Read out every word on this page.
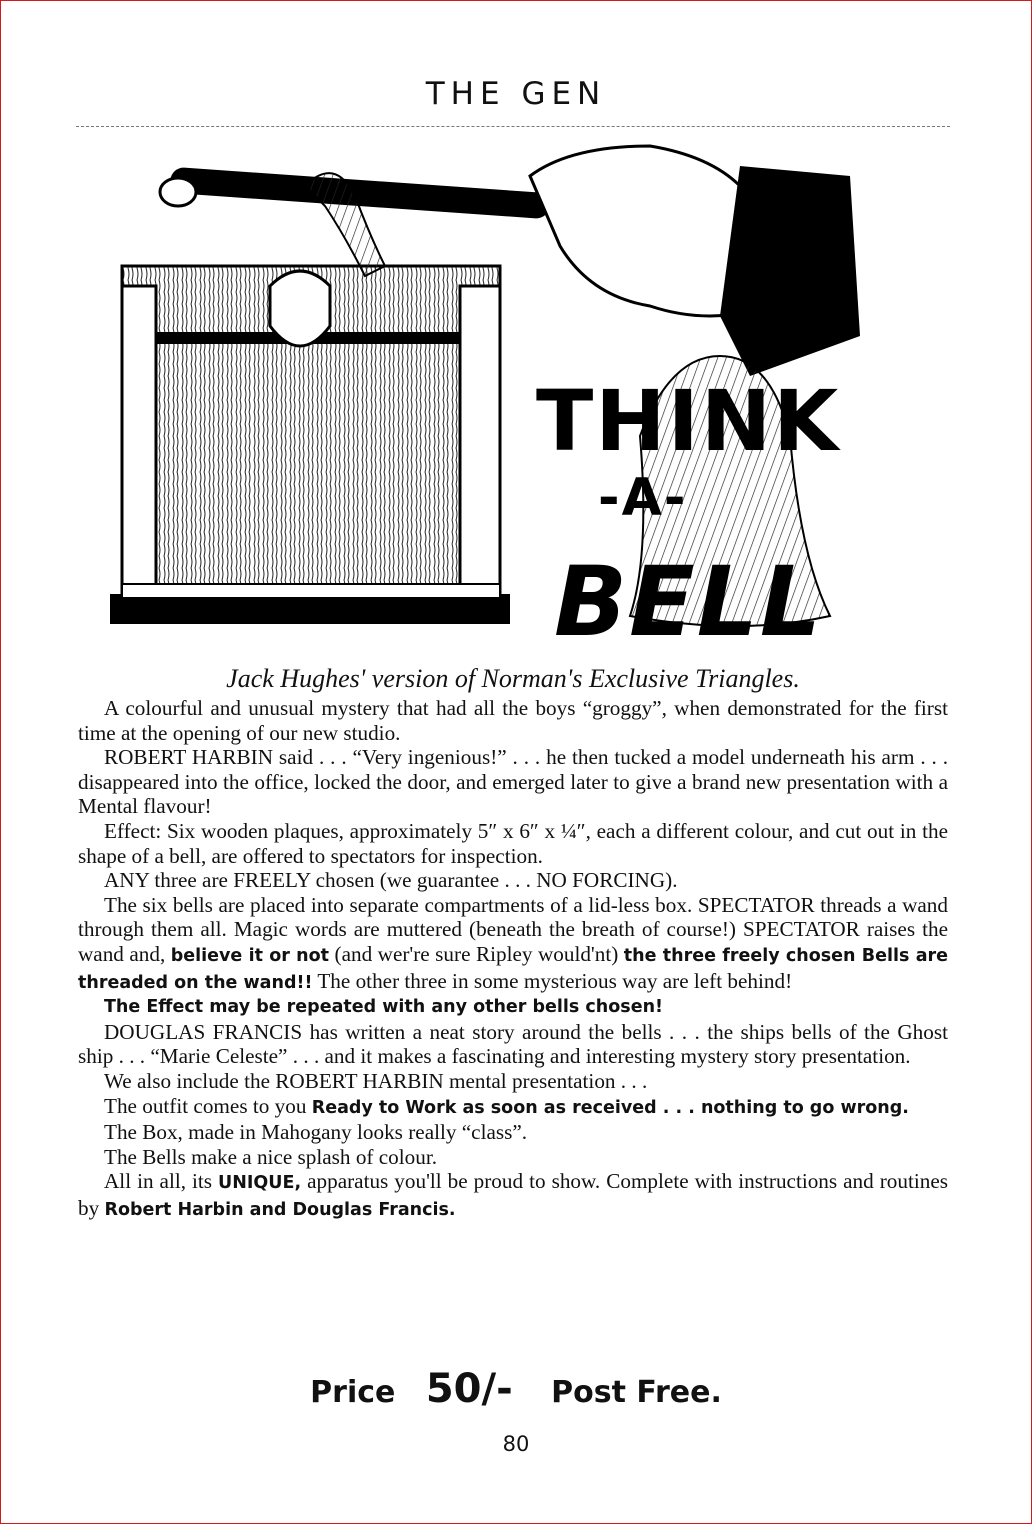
THE GEN
THINK
-A-
BELL
Jack Hughes' version of Norman's Exclusive Triangles.

A colourful and unusual mystery that had all the boys “groggy”, when demonstrated for the first time at the opening of our new studio.

ROBERT HARBIN said . . . “Very ingenious!” . . . he then tucked a model underneath his arm . . . disappeared into the office, locked the door, and emerged later to give a brand new presentation with a Mental flavour!

Effect: Six wooden plaques, approximately 5″ x 6″ x ¼″, each a different colour, and cut out in the shape of a bell, are offered to spectators for inspection.

ANY three are FREELY chosen (we guarantee . . . NO FORCING).

The six bells are placed into separate compartments of a lid-less box. SPECTATOR threads a wand through them all. Magic words are muttered (beneath the breath of course!) SPECTATOR raises the wand and, believe it or not (and wer're sure Ripley would'nt) the three freely chosen Bells are threaded on the wand!! The other three in some mysterious way are left behind!

The Effect may be repeated with any other bells chosen!

DOUGLAS FRANCIS has written a neat story around the bells . . . the ships bells of the Ghost ship . . . “Marie Celeste” . . . and it makes a fascinating and interesting mystery story presentation.

We also include the ROBERT HARBIN mental presentation . . .

The outfit comes to you Ready to Work as soon as received . . . nothing to go wrong.

The Box, made in Mahogany looks really “class”.

The Bells make a nice splash of colour.

All in all, its UNIQUE, apparatus you'll be proud to show. Complete with instructions and routines by Robert Harbin and Douglas Francis.

Price 50/- Post Free.
80
